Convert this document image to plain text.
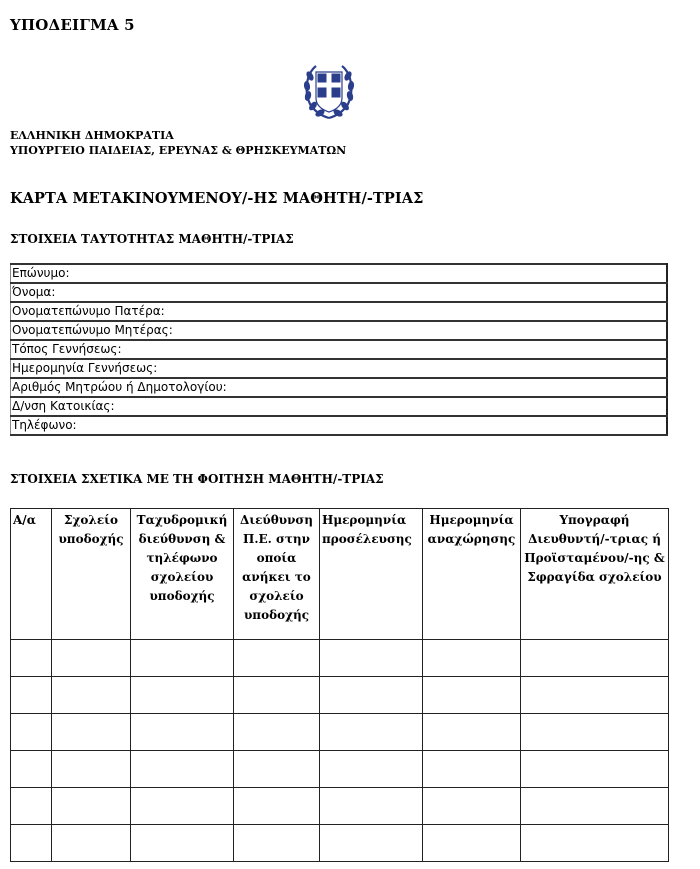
ΥΠΟΔΕΙΓΜΑ 5
ΕΛΛΗΝΙΚΗ ΔΗΜΟΚΡΑΤΙΑ
ΥΠΟΥΡΓΕΙΟ ΠΑΙΔΕΙΑΣ, ΕΡΕΥΝΑΣ & ΘΡΗΣΚΕΥΜΑΤΩΝ
ΚΑΡΤΑ ΜΕΤΑΚΙΝΟΥΜΕΝΟΥ/-ΗΣ ΜΑΘΗΤΗ/-ΤΡΙΑΣ
ΣΤΟΙΧΕΙΑ ΤΑΥΤΟΤΗΤΑΣ ΜΑΘΗΤΗ/-ΤΡΙΑΣ
Επώνυμο:
Όνομα:
Ονοματεπώνυμο Πατέρα:
Ονοματεπώνυμο Μητέρας:
Τόπος Γεννήσεως:
Ημερομηνία Γεννήσεως:
Αριθμός Μητρώου ή Δημοτολογίου:
Δ/νση Κατοικίας:
Τηλέφωνο:
ΣΤΟΙΧΕΙΑ ΣΧΕΤΙΚΑ ΜΕ ΤΗ ΦΟΙΤΗΣΗ ΜΑΘΗΤΗ/-ΤΡΙΑΣ
Α/α	Σχολείο υποδοχής	Ταχυδρομική διεύθυνση & τηλέφωνο σχολείου υποδοχής	Διεύθυνση Π.Ε. στην οποία ανήκει το σχολείο υποδοχής	Ημερομηνία προσέλευσης	Ημερομηνία αναχώρησης	Υπογραφή Διευθυντή/-τριας ή Προϊσταμένου/-ης & Σφραγίδα σχολείου
